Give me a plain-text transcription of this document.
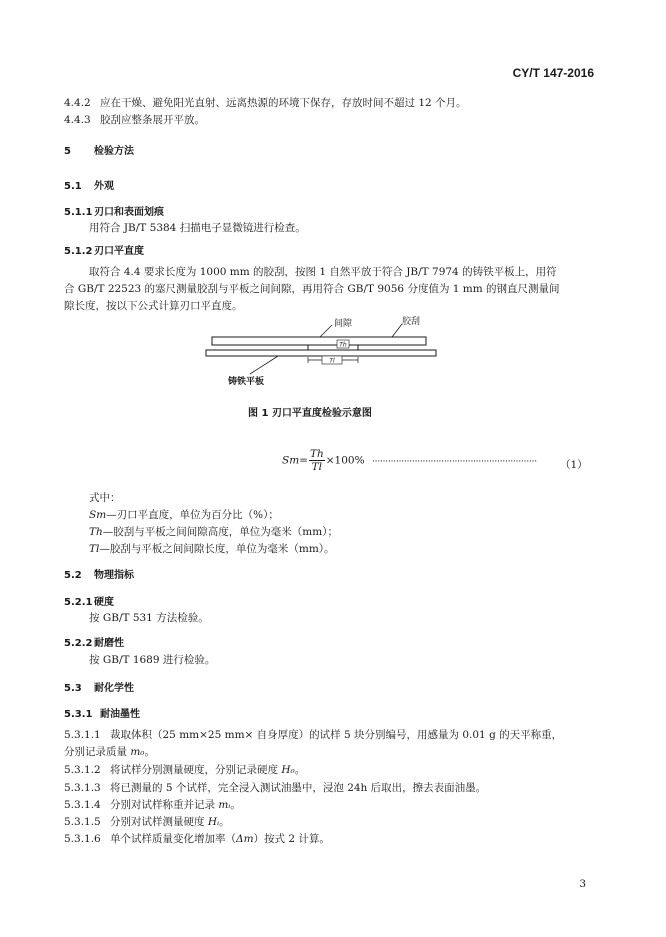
CY/T 147-2016
4.4.2 应在干燥、避免阳光直射、远离热源的环境下保存，存放时间不超过 12 个月。
4.4.3 胶刮应整条展开平放。
5 检验方法
5.1 外观
5.1.1 刃口和表面划痕
用符合 JB/T 5384 扫描电子显微镜进行检查。
5.1.2 刃口平直度
取符合 4.4 要求长度为 1000 mm 的胶刮，按图 1 自然平放于符合 JB/T 7974 的铸铁平板上，用符
合 GB/T 22523 的塞尺测量胶刮与平板之间间隙，再用符合 GB/T 9056 分度值为 1 mm 的钢直尺测量间
隙长度，按以下公式计算刃口平直度。
Th
Tl
间隙	胶刮
铸铁平板
图 1 刃口平直度检验示意图
$Sm= \frac{Th}{Tl} \times 100\%$ ······························································ （1）
式中：
Sm—刃口平直度，单位为百分比（%）；
Th—胶刮与平板之间间隙高度，单位为毫米（mm）；
Tl—胶刮与平板之间间隙长度，单位为毫米（mm）。
5.2 物理指标
5.2.1 硬度
按 GB/T 531 方法检验。
5.2.2 耐磨性
按 GB/T 1689 进行检验。
5.3 耐化学性
5.3.1 耐油墨性
5.3.1.1 裁取体积（25 mm×25 mm× 自身厚度）的试样 5 块分别编号，用感量为 0.01 g 的天平称重，
分别记录质量 m₀。
5.3.1.2 将试样分别测量硬度，分别记录硬度 H₀。
5.3.1.3 将已测量的 5 个试样，完全浸入测试油墨中，浸泡 24h 后取出，擦去表面油墨。
5.3.1.4 分别对试样称重并记录 mᵢ。
5.3.1.5 分别对试样测量硬度 Hᵢ。
5.3.1.6 单个试样质量变化增加率（Δm）按式 2 计算。
3
